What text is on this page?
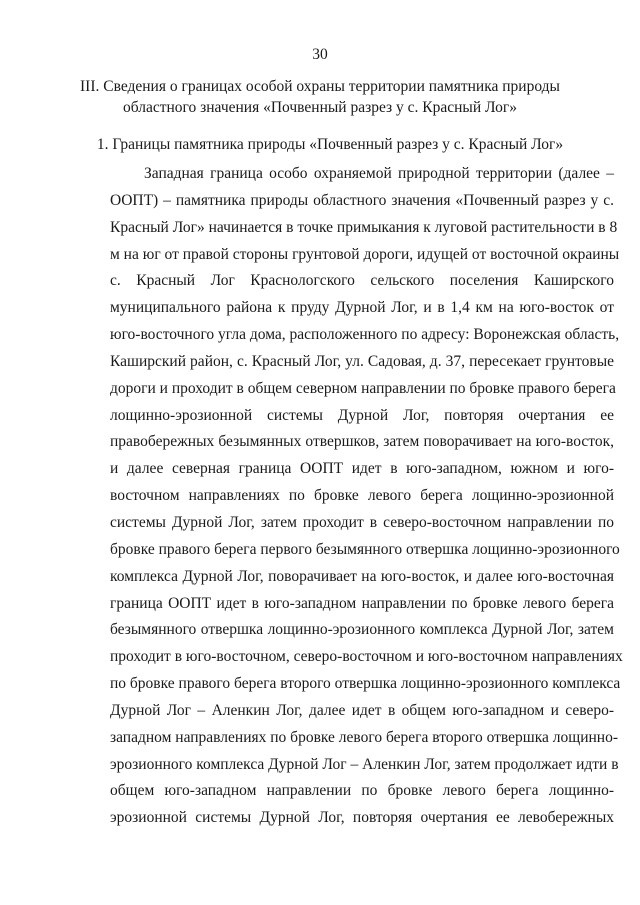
30
III. Сведения о границах особой охраны территории памятника природы
областного значения «Почвенный разрез у с. Красный Лог»
1. Границы памятника природы «Почвенный разрез у с. Красный Лог»
Западная граница особо охраняемой природной территории (далее –
ООПТ) – памятника природы областного значения «Почвенный разрез у с.
Красный Лог» начинается в точке примыкания к луговой растительности в 8
м на юг от правой стороны грунтовой дороги, идущей от восточной окраины
с. Красный Лог Краснологского сельского поселения Каширского
муниципального района к пруду Дурной Лог, и в 1,4 км на юго-восток от
юго-восточного угла дома, расположенного по адресу: Воронежская область,
Каширский район, с. Красный Лог, ул. Садовая, д. 37, пересекает грунтовые
дороги и проходит в общем северном направлении по бровке правого берега
лощинно-эрозионной системы Дурной Лог, повторяя очертания ее
правобережных безымянных отвершков, затем поворачивает на юго-восток,
и далее северная граница ООПТ идет в юго-западном, южном и юго-
восточном направлениях по бровке левого берега лощинно-эрозионной
системы Дурной Лог, затем проходит в северо-восточном направлении по
бровке правого берега первого безымянного отвершка лощинно-эрозионного
комплекса Дурной Лог, поворачивает на юго-восток, и далее юго-восточная
граница ООПТ идет в юго-западном направлении по бровке левого берега
безымянного отвершка лощинно-эрозионного комплекса Дурной Лог, затем
проходит в юго-восточном, северо-восточном и юго-восточном направлениях
по бровке правого берега второго отвершка лощинно-эрозионного комплекса
Дурной Лог – Аленкин Лог, далее идет в общем юго-западном и северо-
западном направлениях по бровке левого берега второго отвершка лощинно-
эрозионного комплекса Дурной Лог – Аленкин Лог, затем продолжает идти в
общем юго-западном направлении по бровке левого берега лощинно-
эрозионной системы Дурной Лог, повторяя очертания ее левобережных
